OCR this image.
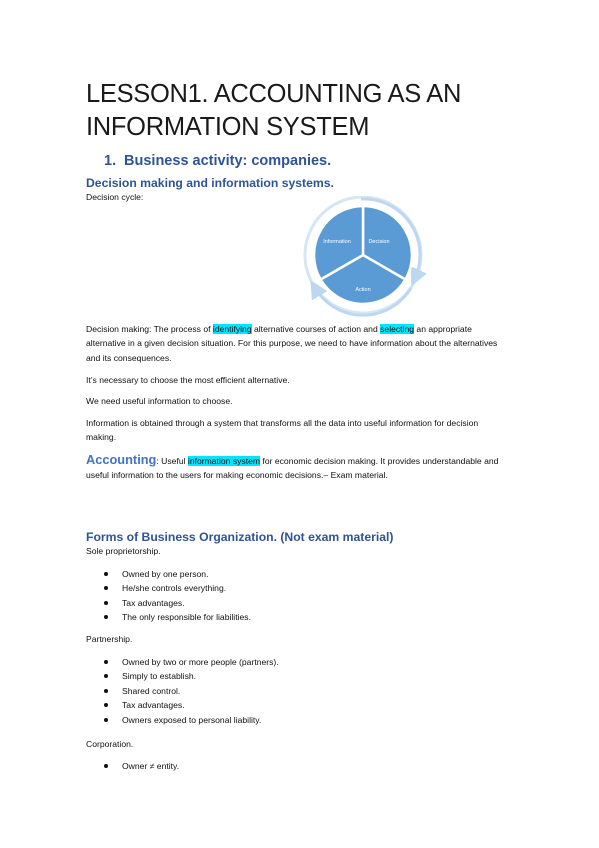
LESSON1. ACCOUNTING AS AN INFORMATION SYSTEM
1. Business activity: companies.
Decision making and information systems.

Decision cycle:

Information	Decision
Action

Decision making: The process of identifying alternative courses of action and selecting an appropriate alternative in a given decision situation. For this purpose, we need to have information about the alternatives and its consequences.

It’s necessary to choose the most efficient alternative.

We need useful information to choose.

Information is obtained through a system that transforms all the data into useful information for decision making.

Accounting: Useful information system for economic decision making. It provides understandable and useful information to the users for making economic decisions.– Exam material.

Forms of Business Organization. (Not exam material)

Sole proprietorship.

Owned by one person.
He/she controls everything.
Tax advantages.
The only responsible for liabilities.

Partnership.

Owned by two or more people (partners).
Simply to establish.
Shared control.
Tax advantages.
Owners exposed to personal liability.

Corporation.

Owner ≠ entity.
